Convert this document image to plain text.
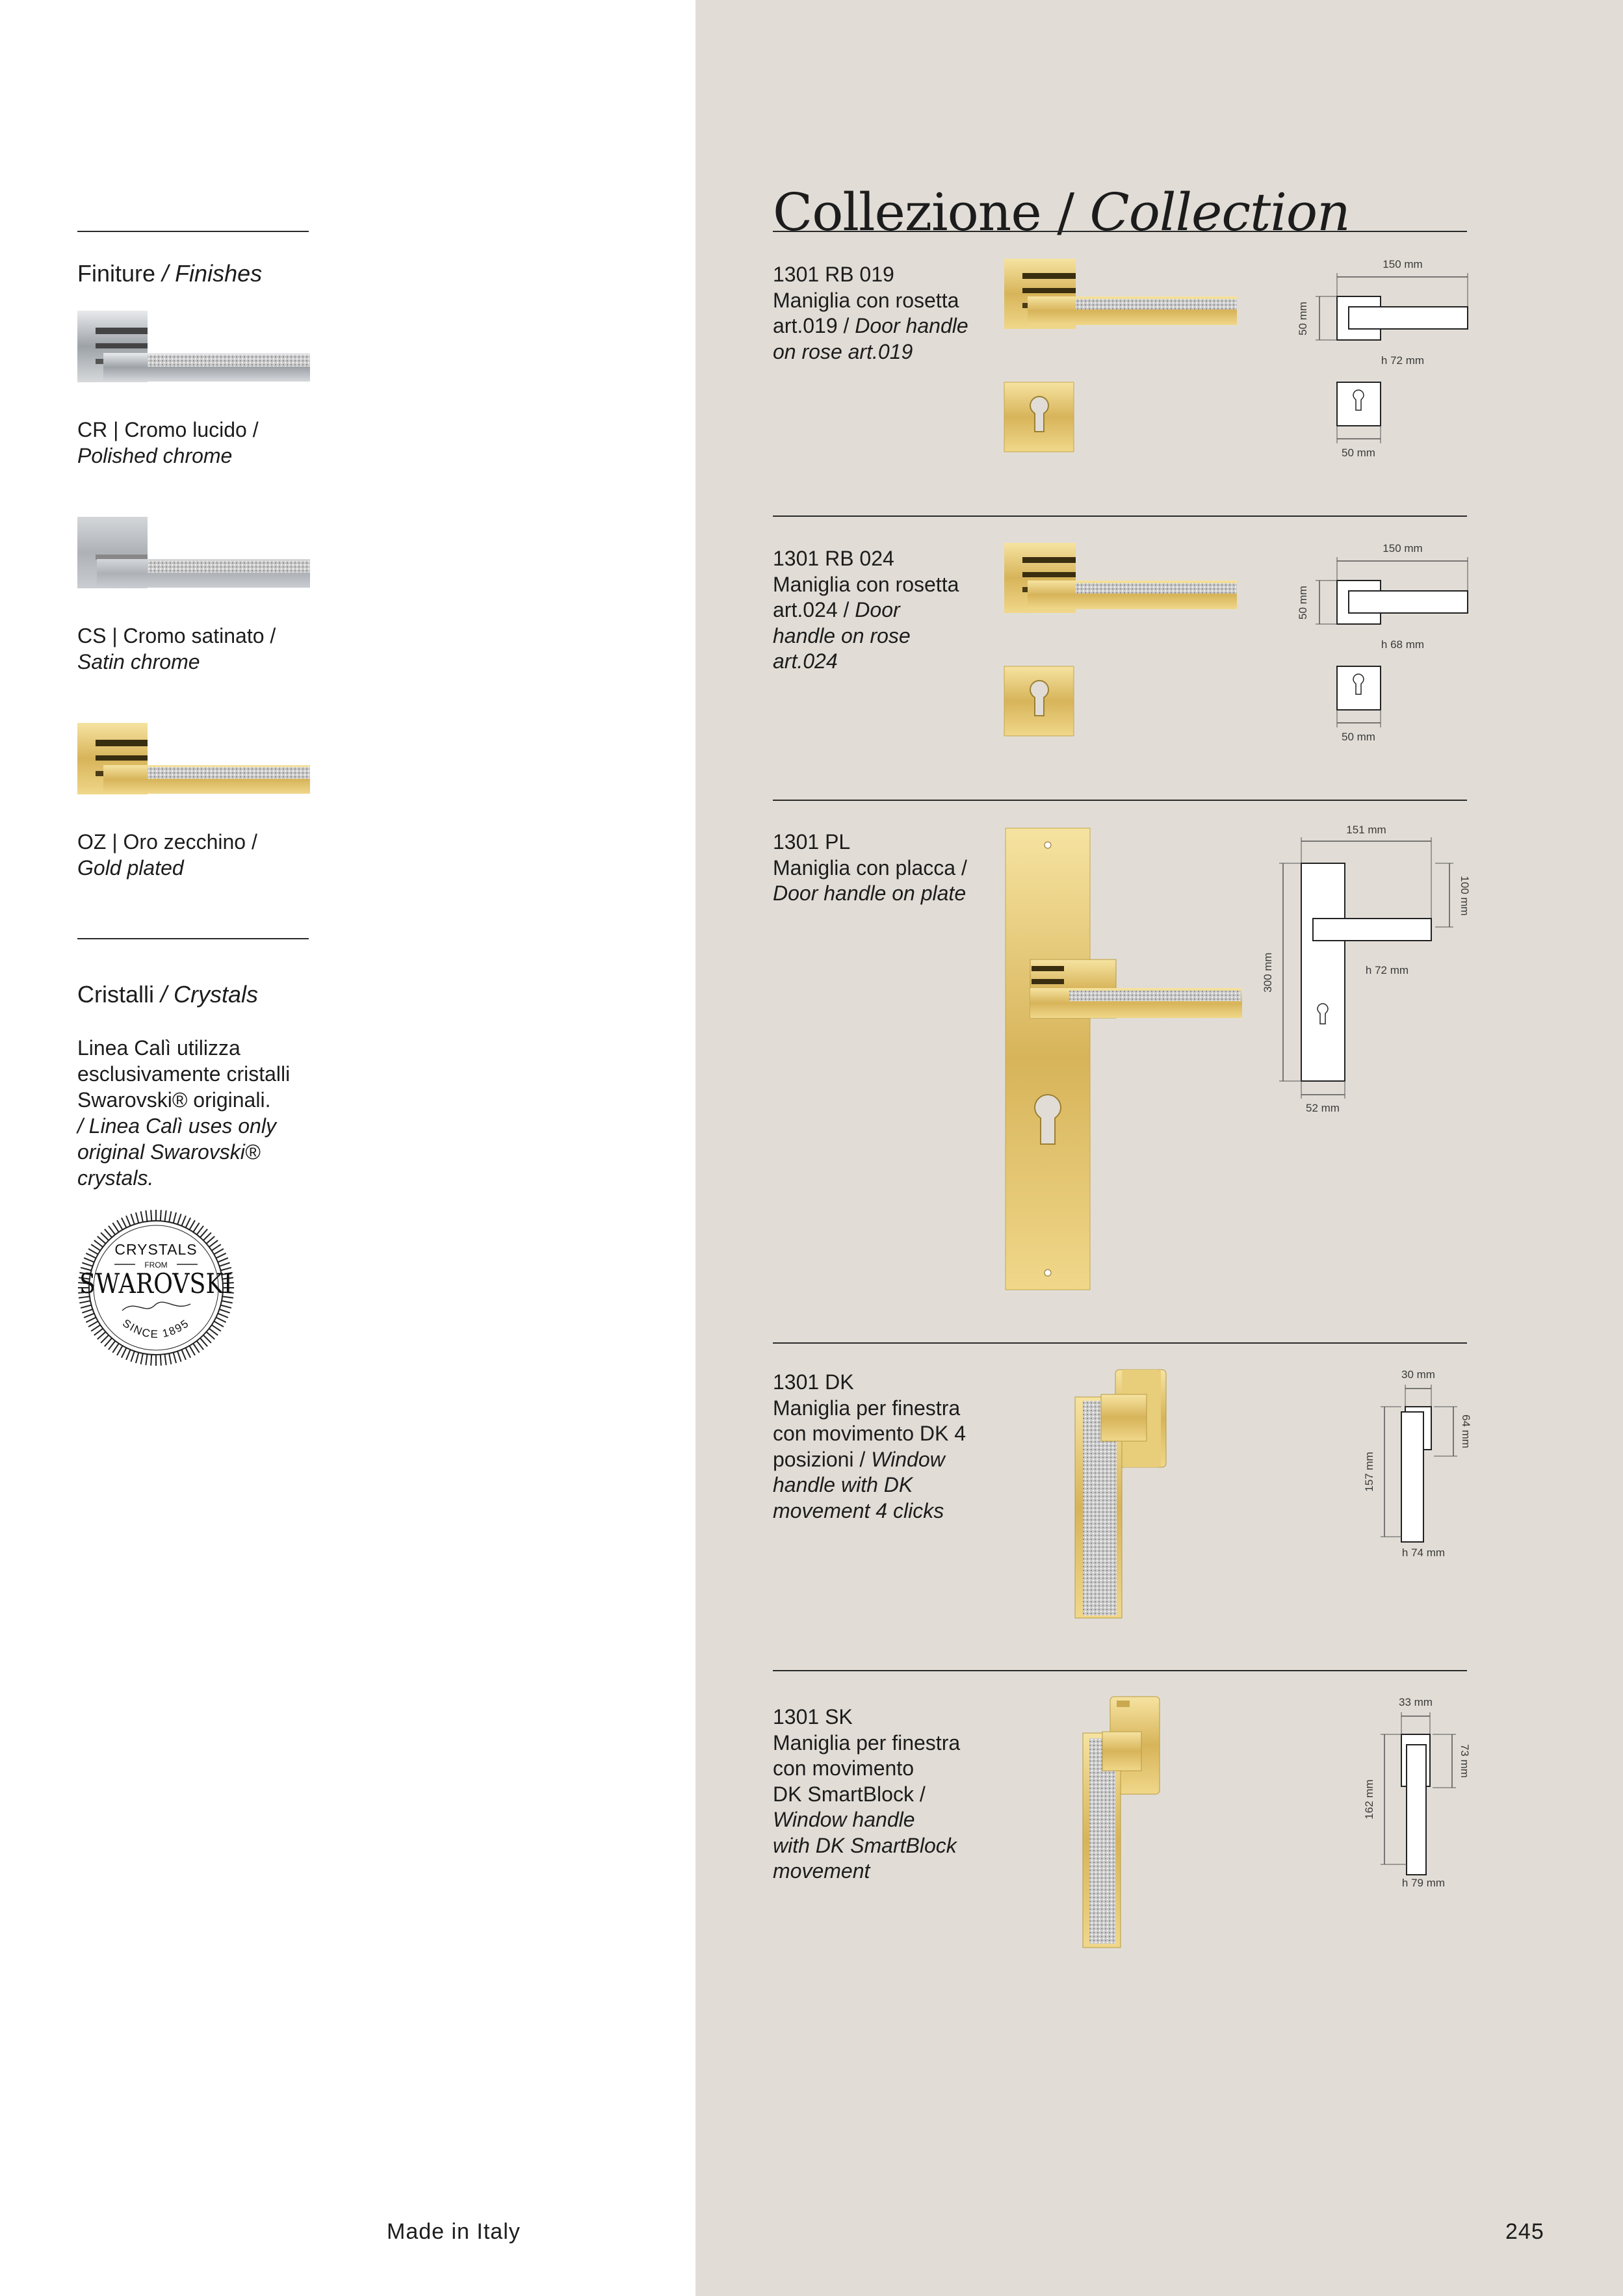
Finiture / Finishes
CR | Cromo lucido /
Polished chrome
CS | Cromo satinato /
Satin chrome
OZ | Oro zecchino /
Gold plated
Cristalli / Crystals
Linea Calì utilizza
esclusivamente cristalli
Swarovski® originali.
/ Linea Calì uses only
original Swarovski®
crystals.
CRYSTALS
FROM
SWAROVSKI
SINCE 1895
Collezione / Collection
1301 RB 019
Maniglia con rosetta
art.019 / Door handle
on rose art.019
150 mm
50 mm
h 72 mm
50 mm
1301 RB 024
Maniglia con rosetta
art.024 / Door
handle on rose
art.024
150 mm
50 mm
h 68 mm
50 mm
1301 PL
Maniglia con placca /
Door handle on plate
151 mm
100 mm
300 mm	h 72 mm
52 mm
1301 DK
Maniglia per finestra
con movimento DK 4
posizioni / Window
handle with DK
movement 4 clicks
30 mm
64 mm
157 mm
h 74 mm
1301 SK
Maniglia per finestra
con movimento
DK SmartBlock /
Window handle
with DK SmartBlock
movement
33 mm
73 mm
162 mm
h 79 mm
Made in Italy	245
